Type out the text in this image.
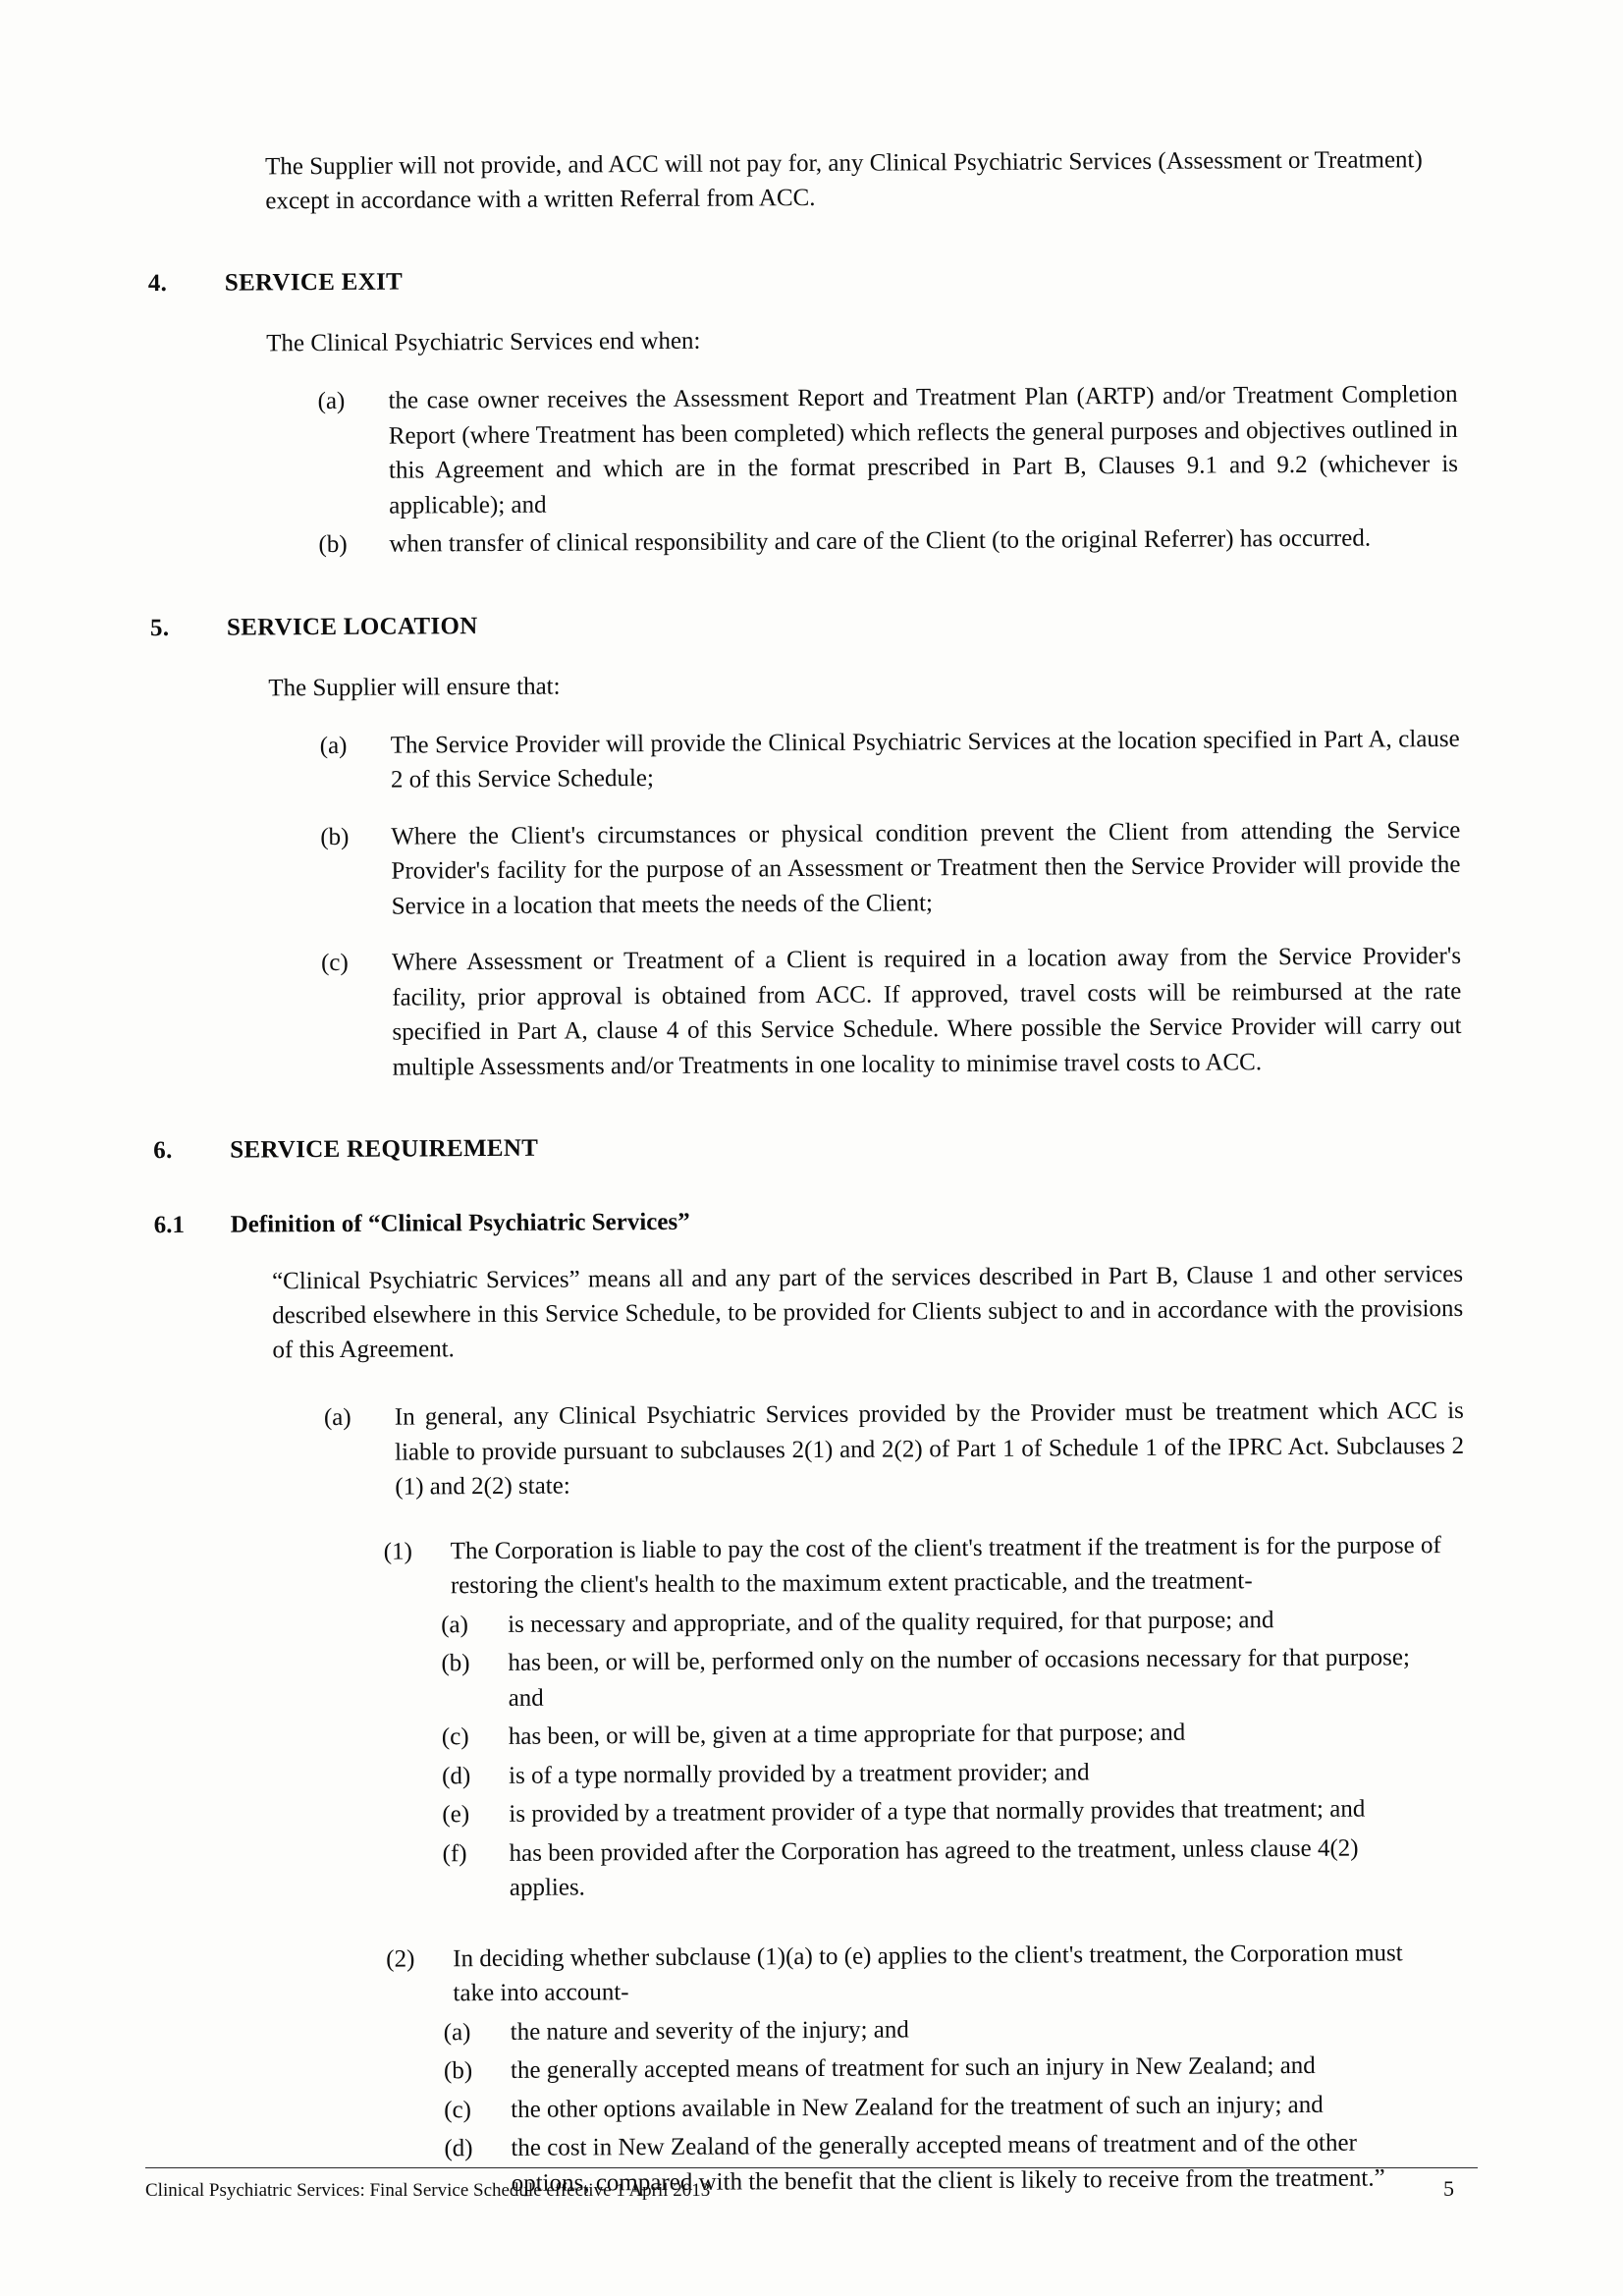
The Supplier will not provide, and ACC will not pay for, any Clinical Psychiatric Services (Assessment or Treatment) except in accordance with a written Referral from ACC.

4.	SERVICE EXIT

The Clinical Psychiatric Services end when:

(a)	the case owner receives the Assessment Report and Treatment Plan (ARTP) and/or Treatment Completion Report (where Treatment has been completed) which reflects the general purposes and objectives outlined in this Agreement and which are in the format prescribed in Part B, Clauses 9.1 and 9.2 (whichever is applicable); and
(b)	when transfer of clinical responsibility and care of the Client (to the original Referrer) has occurred.
5.	SERVICE LOCATION

The Supplier will ensure that:

(a)	The Service Provider will provide the Clinical Psychiatric Services at the location specified in Part A, clause 2 of this Service Schedule;
(b)	Where the Client's circumstances or physical condition prevent the Client from attending the Service Provider's facility for the purpose of an Assessment or Treatment then the Service Provider will provide the Service in a location that meets the needs of the Client;
(c)	Where Assessment or Treatment of a Client is required in a location away from the Service Provider's facility, prior approval is obtained from ACC. If approved, travel costs will be reimbursed at the rate specified in Part A, clause 4 of this Service Schedule. Where possible the Service Provider will carry out multiple Assessments and/or Treatments in one locality to minimise travel costs to ACC.
6.	SERVICE REQUIREMENT
6.1	Definition of “Clinical Psychiatric Services”

“Clinical Psychiatric Services” means all and any part of the services described in Part B, Clause 1 and other services described elsewhere in this Service Schedule, to be provided for Clients subject to and in accordance with the provisions of this Agreement.

(a)	In general, any Clinical Psychiatric Services provided by the Provider must be treatment which ACC is liable to provide pursuant to subclauses 2(1) and 2(2) of Part 1 of Schedule 1 of the IPRC Act. Subclauses 2 (1) and 2(2) state:
(1)	The Corporation is liable to pay the cost of the client's treatment if the treatment is for the purpose of restoring the client's health to the maximum extent practicable, and the treatment-
(a)	is necessary and appropriate, and of the quality required, for that purpose; and
(b)	has been, or will be, performed only on the number of occasions necessary for that purpose; and
(c)	has been, or will be, given at a time appropriate for that purpose; and
(d)	is of a type normally provided by a treatment provider; and
(e)	is provided by a treatment provider of a type that normally provides that treatment; and
(f)	has been provided after the Corporation has agreed to the treatment, unless clause 4(2) applies.
(2)	In deciding whether subclause (1)(a) to (e) applies to the client's treatment, the Corporation must take into account-
(a)	the nature and severity of the injury; and
(b)	the generally accepted means of treatment for such an injury in New Zealand; and
(c)	the other options available in New Zealand for the treatment of such an injury; and
(d)	the cost in New Zealand of the generally accepted means of treatment and of the other options, compared with the benefit that the client is likely to receive from the treatment.”
Clinical Psychiatric Services: Final Service Schedule effective 1 April 2013	5
